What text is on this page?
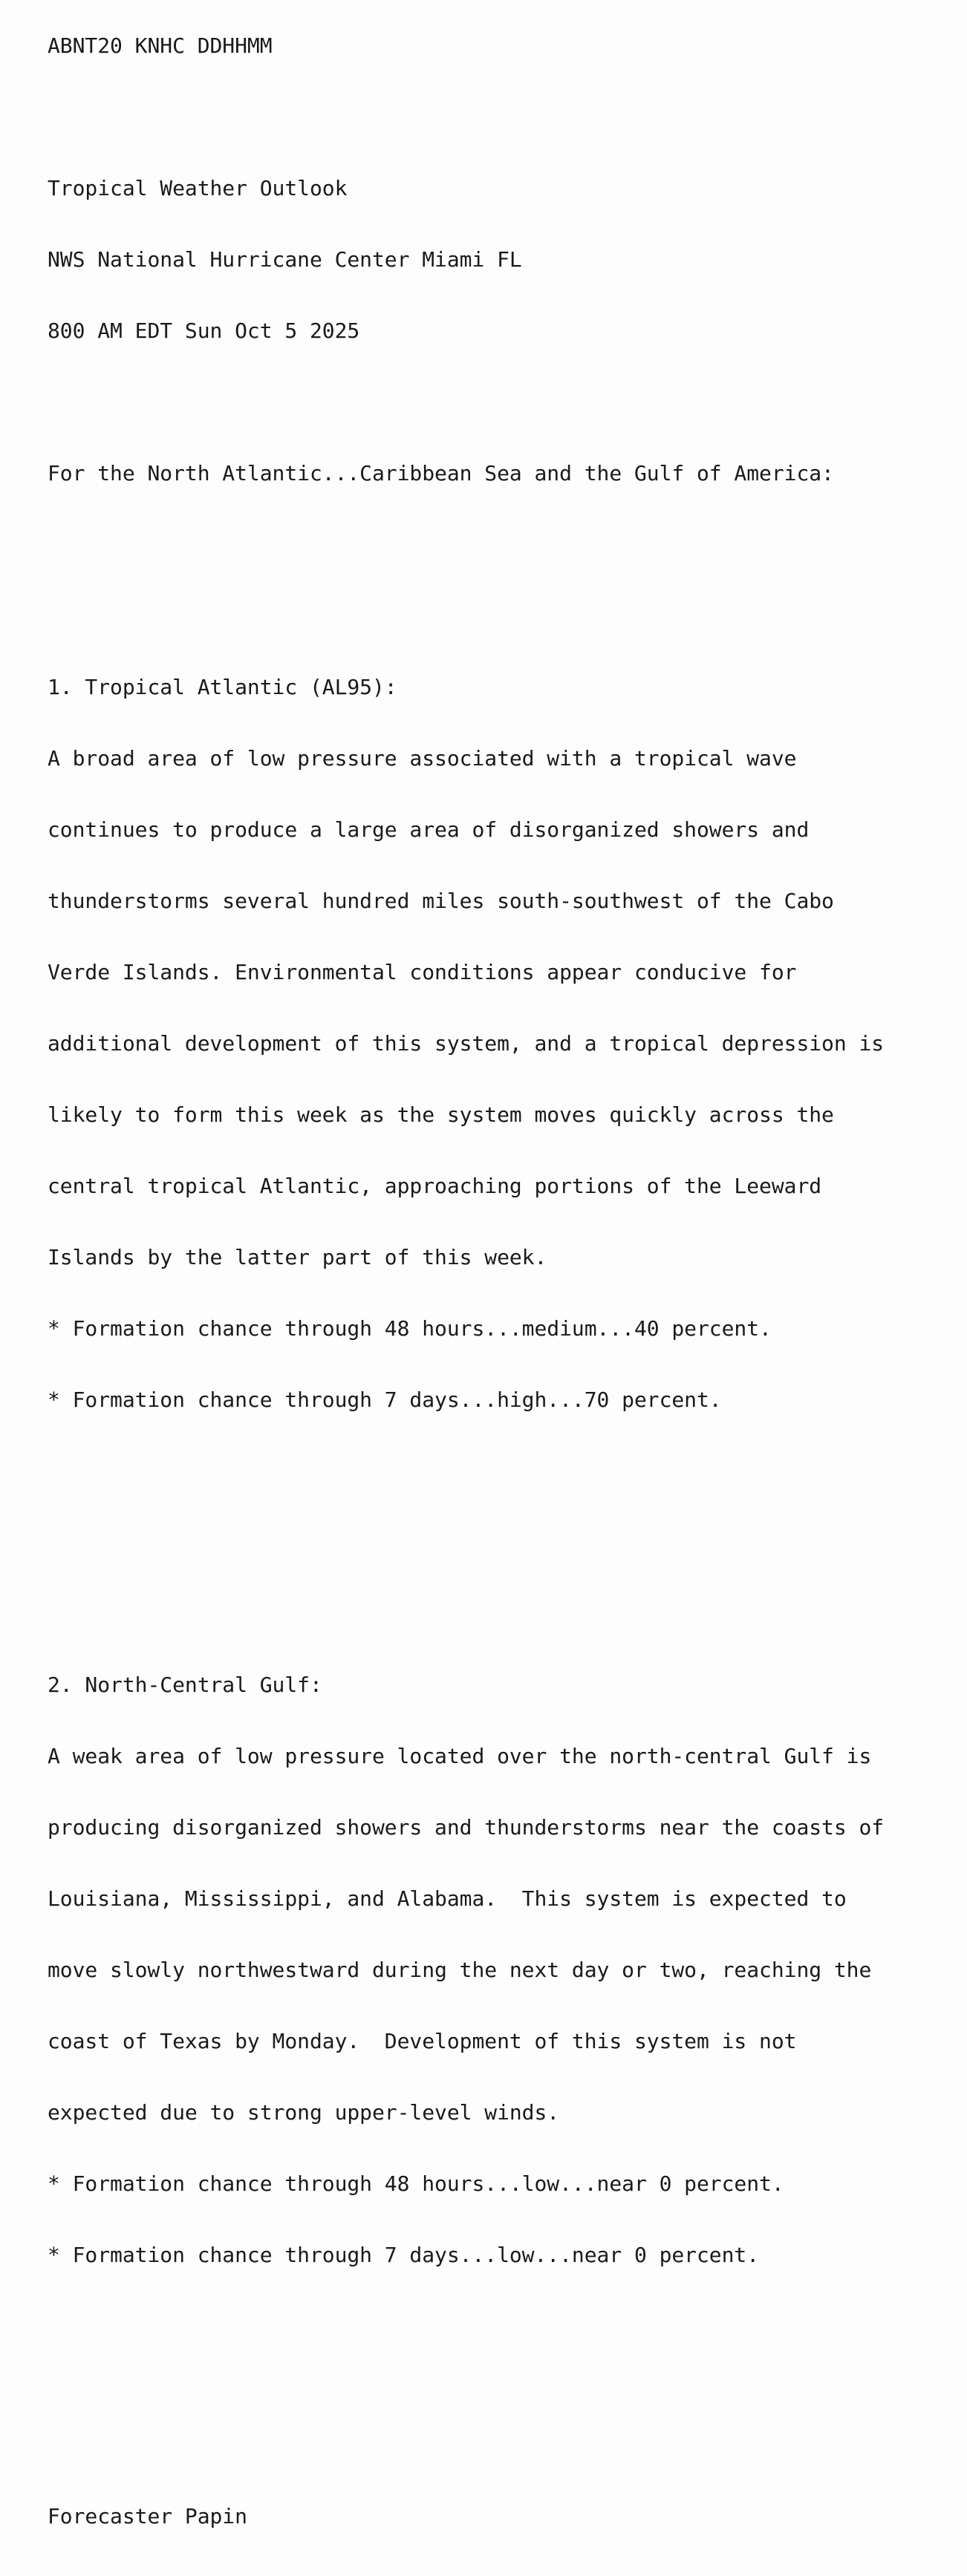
ABNT20 KNHC DDHHMM

Tropical Weather Outlook

NWS National Hurricane Center Miami FL

800 AM EDT Sun Oct 5 2025

For the North Atlantic...Caribbean Sea and the Gulf of America:

1. Tropical Atlantic (AL95):

A broad area of low pressure associated with a tropical wave

continues to produce a large area of disorganized showers and

thunderstorms several hundred miles south-southwest of the Cabo

Verde Islands. Environmental conditions appear conducive for

additional development of this system, and a tropical depression is

likely to form this week as the system moves quickly across the

central tropical Atlantic, approaching portions of the Leeward

Islands by the latter part of this week.

* Formation chance through 48 hours...medium...40 percent.

* Formation chance through 7 days...high...70 percent.

2. North-Central Gulf:

A weak area of low pressure located over the north-central Gulf is

producing disorganized showers and thunderstorms near the coasts of

Louisiana, Mississippi, and Alabama.  This system is expected to

move slowly northwestward during the next day or two, reaching the

coast of Texas by Monday.  Development of this system is not

expected due to strong upper-level winds.

* Formation chance through 48 hours...low...near 0 percent.

* Formation chance through 7 days...low...near 0 percent.

Forecaster Papin
